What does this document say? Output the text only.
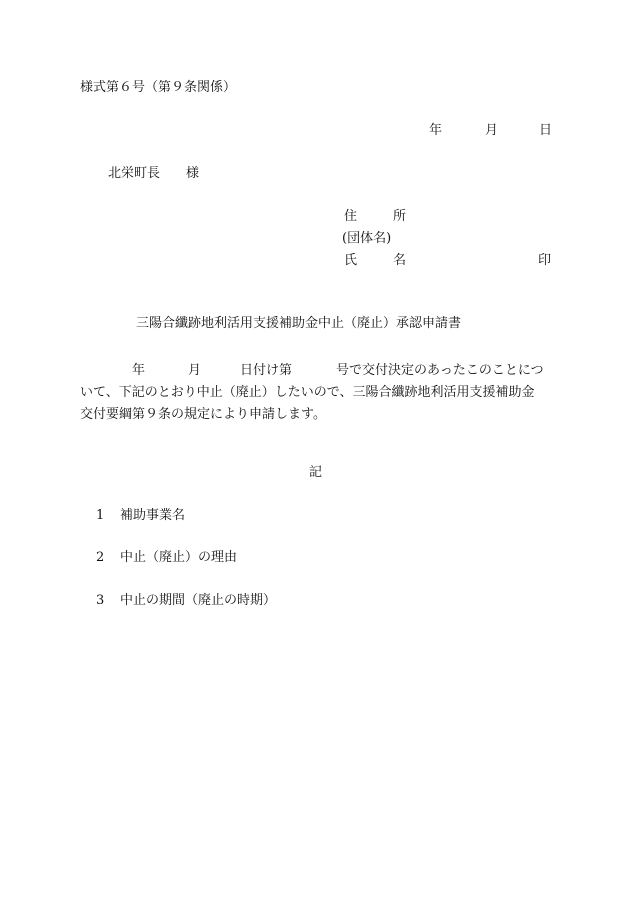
様式第６号（第９条関係）
年	月	日
北栄町長 様
住	所
(団体名)
氏	名	印
三陽合纖跡地利活用支援補助金中止（廃止）承認申請書
年	月	日付け第	号で交付決定のあったこのことにつ
いて、下記のとおり中止（廃止）したいので、三陽合纖跡地利活用支援補助金
交付要綱第９条の規定により申請します。
記
1 補助事業名
2 中止（廃止）の理由
3 中止の期間（廃止の時期）
